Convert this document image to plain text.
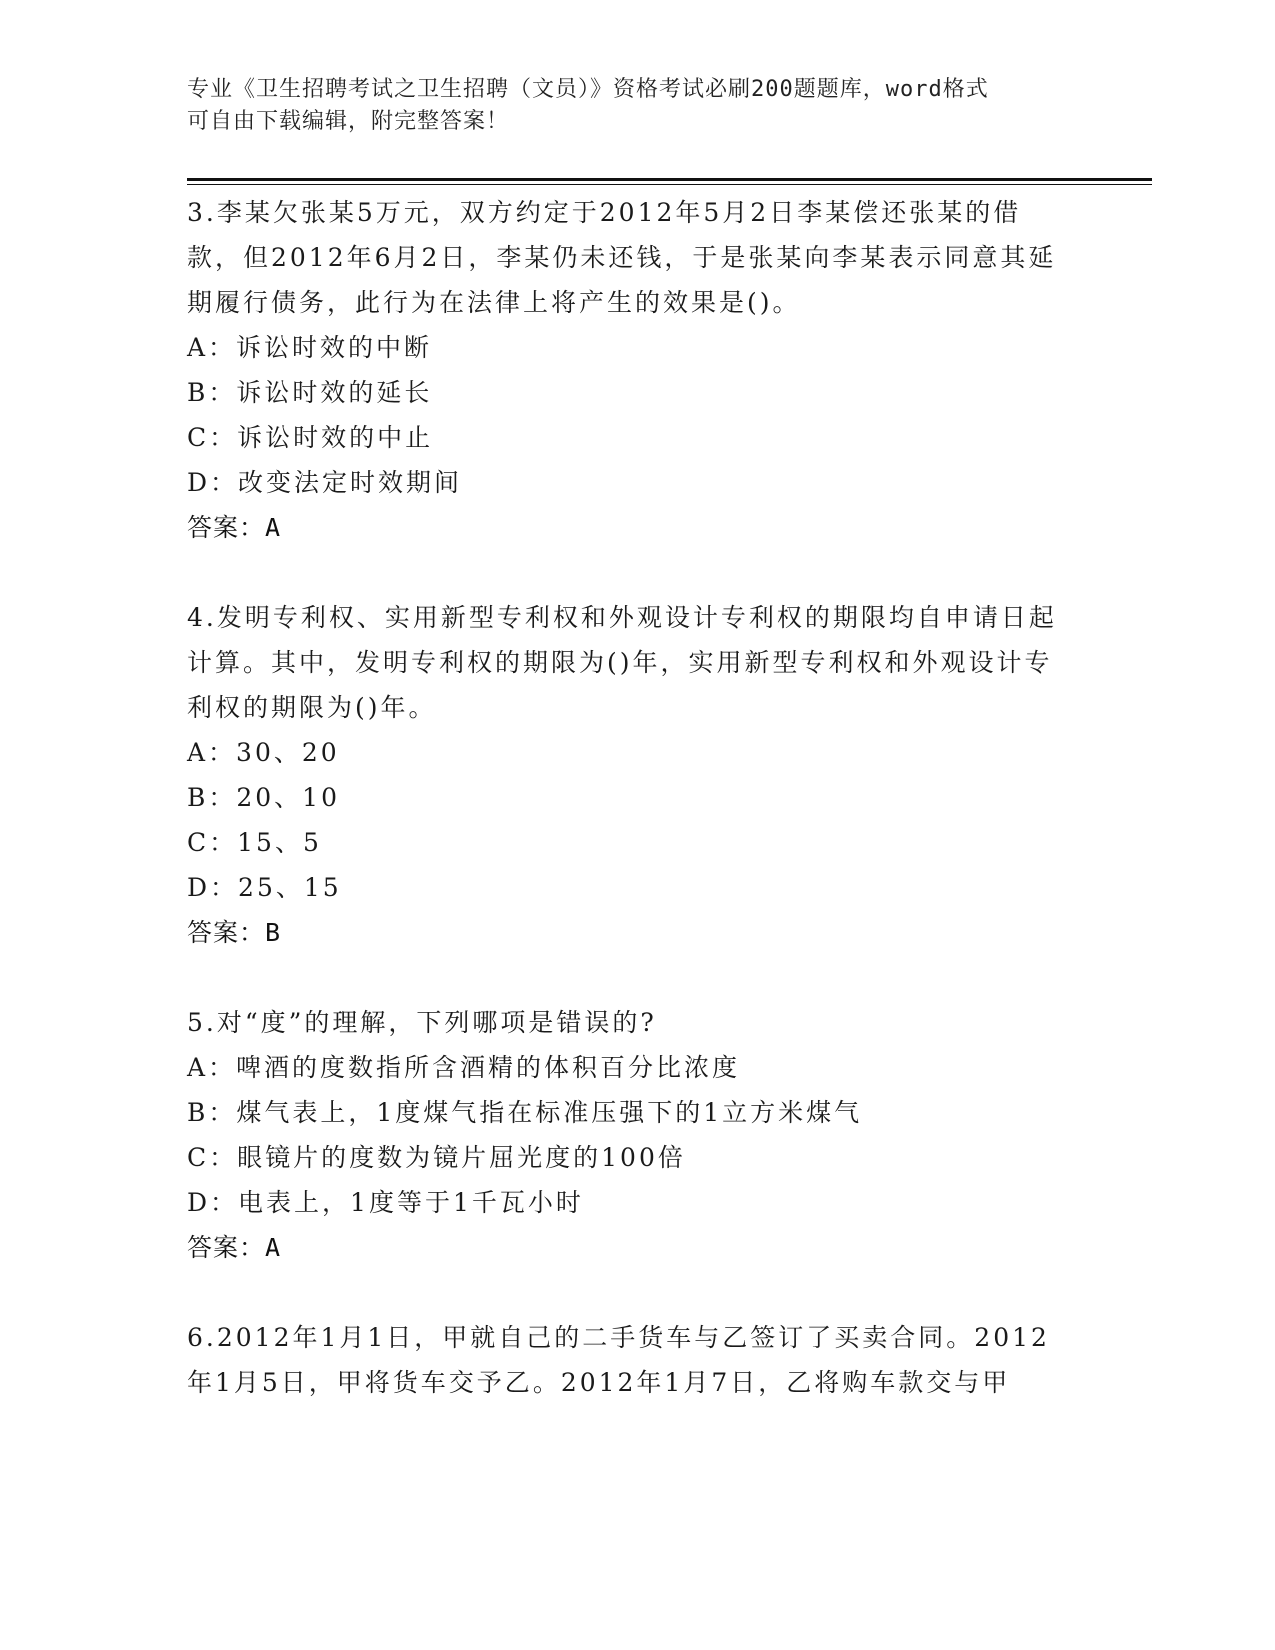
专业《卫生招聘考试之卫生招聘（文员）》资格考试必刷200题题库，word格式
可自由下载编辑，附完整答案！

3.李某欠张某5万元，双方约定于2012年5月2日李某偿还张某的借款，但2012年6月2日，李某仍未还钱，于是张某向李某表示同意其延期履行债务，此行为在法律上将产生的效果是()。

A：诉讼时效的中断

B：诉讼时效的延长

C：诉讼时效的中止

D：改变法定时效期间

答案：A

4.发明专利权、实用新型专利权和外观设计专利权的期限均自申请日起计算。其中，发明专利权的期限为()年，实用新型专利权和外观设计专利权的期限为()年。

A：30、20

B：20、10

C：15、5

D：25、15

答案：B

5.对“度”的理解，下列哪项是错误的?

A：啤酒的度数指所含酒精的体积百分比浓度

B：煤气表上，1度煤气指在标准压强下的1立方米煤气

C：眼镜片的度数为镜片屈光度的100倍

D：电表上，1度等于1千瓦小时

答案：A

6.2012年1月1日，甲就自己的二手货车与乙签订了买卖合同。2012年1月5日，甲将货车交予乙。2012年1月7日，乙将购车款交与甲
